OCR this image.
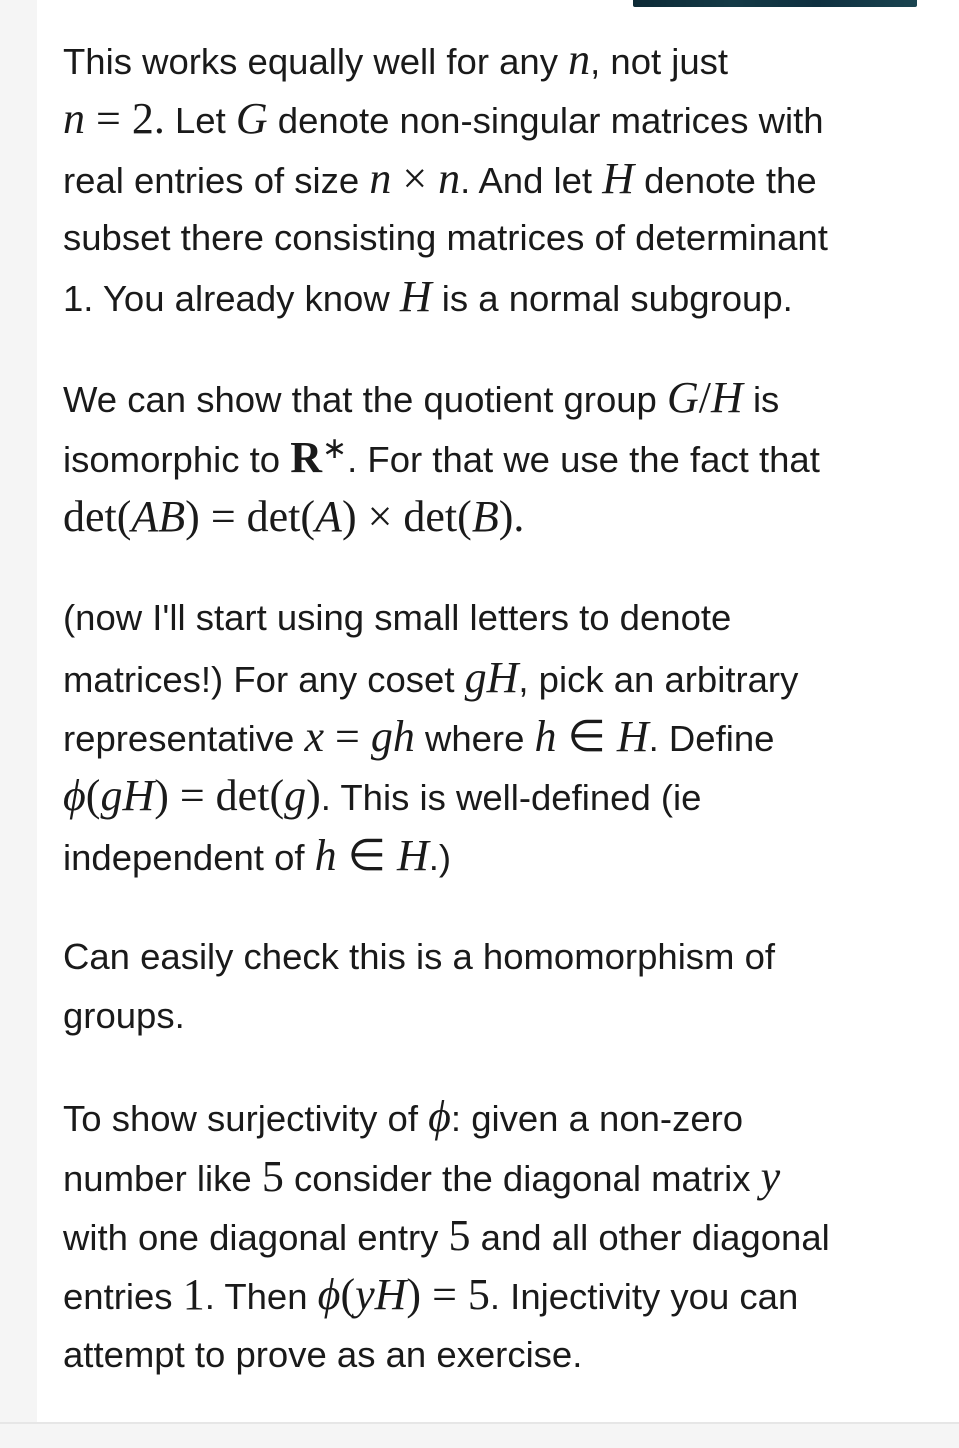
This works equally well for any n, not just
n = 2. Let G denote non-singular matrices with
real entries of size n × n. And let H denote the
subset there consisting matrices of determinant
1. You already know H is a normal subgroup.
We can show that the quotient group G/H is
isomorphic to R∗. For that we use the fact that
det(AB) = det(A) × det(B).
(now I'll start using small letters to denote
matrices!) For any coset gH, pick an arbitrary
representative x = gh where h ∈ H. Define
ϕ(gH) = det(g). This is well-defined (ie
independent of h ∈ H.)
Can easily check this is a homomorphism of
groups.
To show surjectivity of ϕ: given a non-zero
number like 5 consider the diagonal matrix y
with one diagonal entry 5 and all other diagonal
entries 1. Then ϕ(yH) = 5. Injectivity you can
attempt to prove as an exercise.
